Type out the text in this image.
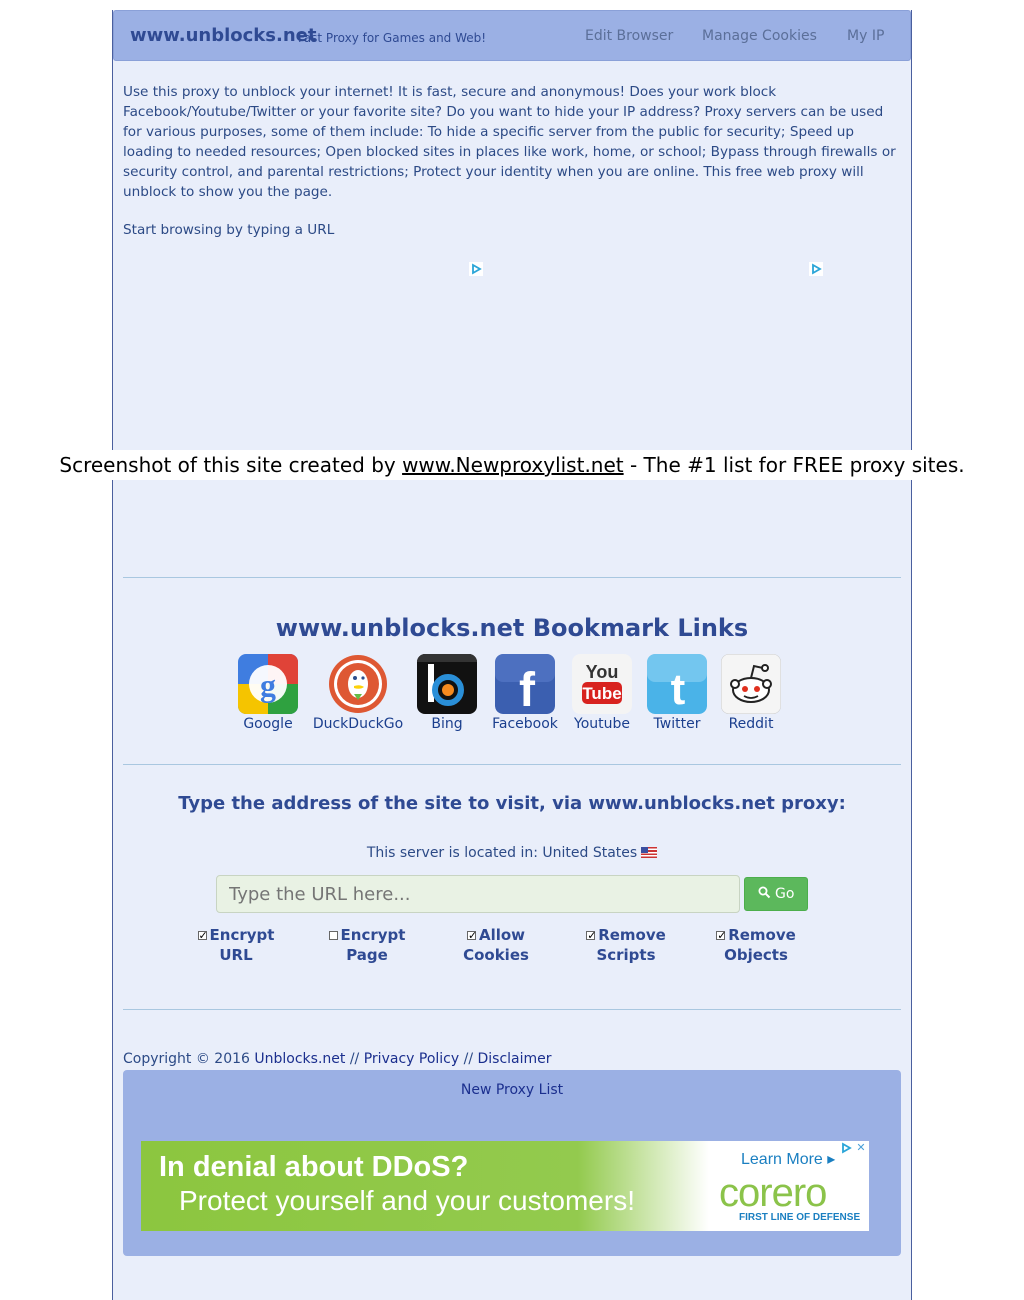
www.unblocks.net
Fast Proxy for Games and Web!	Edit Browser Manage Cookies My IP
Use this proxy to unblock your internet! It is fast, secure and anonymous! Does your work block Facebook/Youtube/Twitter or your favorite site? Do you want to hide your IP address? Proxy servers can be used for various purposes, some of them include: To hide a specific server from the public for security; Speed up loading to needed resources; Open blocked sites in places like work, home, or school; Bypass through firewalls or security control, and parental restrictions; Protect your identity when you are online. This free web proxy will unblock to show you the page.
Start browsing by typing a URL
Screenshot of this site created by www.Newproxylist.net - The #1 list for FREE proxy sites.
www.unblocks.net Bookmark Links
g
Google	DuckDuckGo	Bing
f
Facebook
You
Tube
Youtube
t
Twitter	Reddit
Type the address of the site to visit, via www.unblocks.net proxy:
This server is located in: United States
Type the URL here...
Go
✓Encrypt URL
Encrypt Page
✓Allow Cookies
✓Remove Scripts
✓Remove Objects
Copyright © 2016 Unblocks.net // Privacy Policy // Disclaimer
New Proxy List
In denial about DDoS?
Protect yourself and your customers!
Learn More ▸
corero
FIRST LINE OF DEFENSE
✕
